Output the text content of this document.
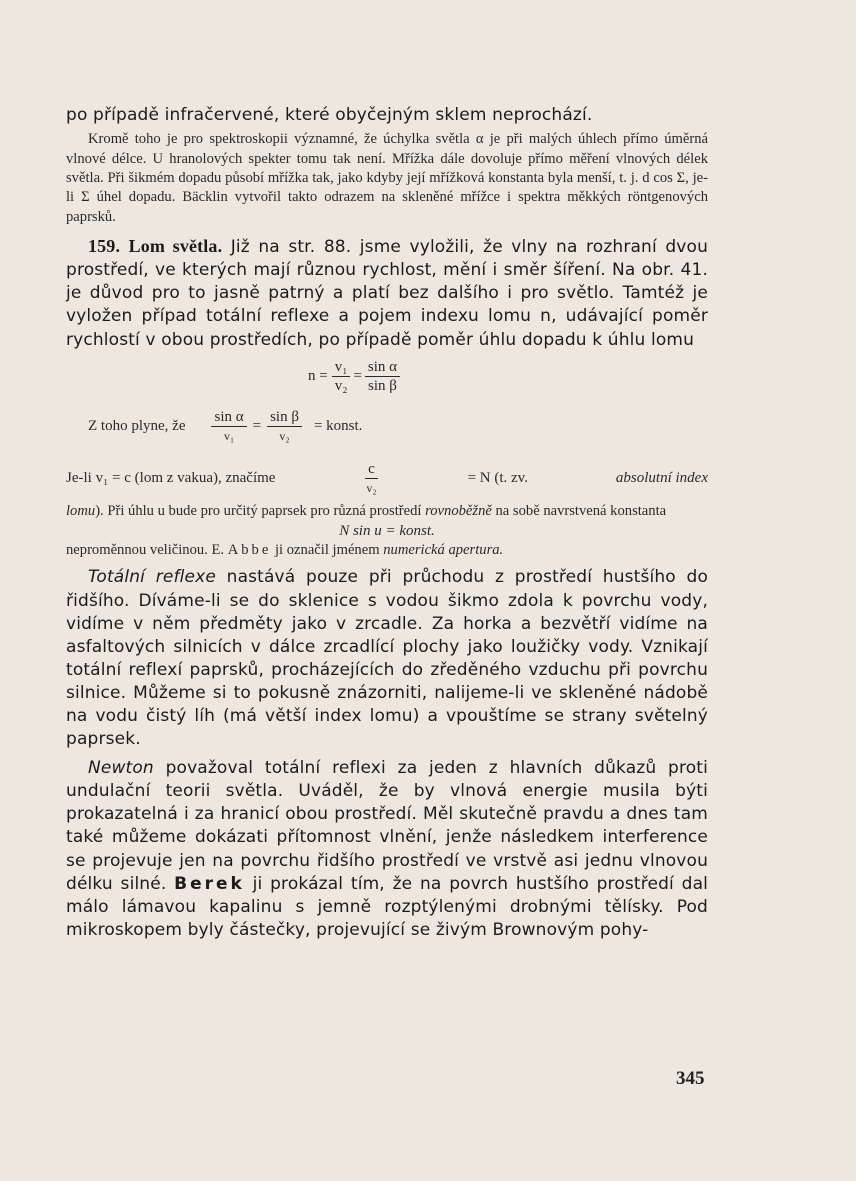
po případě infračervené, které obyčejným sklem neprochází.

Kromě toho je pro spektroskopii významné, že úchylka světla α je při malých úhlech přímo úměrná vlnové délce. U hranolových spekter tomu tak není. Mřížka dále dovoluje přímo měření vlnových délek světla. Při šikmém dopadu působí mřížka tak, jako kdyby její mřížková konstanta byla menší, t. j. d cos Σ, je-li Σ úhel dopadu. Bäcklin vytvořil takto odrazem na skleněné mřížce i spektra měkkých röntgenových paprsků.

159. Lom světla. Již na str. 88. jsme vyložili, že vlny na rozhraní dvou prostředí, ve kterých mají různou rychlost, mění i směr šíření. Na obr. 41. je důvod pro to jasně patrný a platí bez dalšího i pro světlo. Tamtéž je vyložen případ totální reflexe a pojem indexu lomu n, udávající poměr rychlostí v obou prostředích, po případě poměr úhlu dopadu k úhlu lomu

$n = \frac{\text{v₁}}{\text{v₂}} = \frac{\text{sin α}}{\text{sin β}}$
Z toho plyne, že $\frac{\text{sin α}}{\text{v₁}} = \frac{\text{sin β}}{\text{v₂}}$ = konst.
Je-li v₁ = c (lom z vakua), značíme	$\frac{c}{\text{v₂}}$	= N (t. zv.	absolutní index

lomu). Při úhlu u bude pro určitý paprsek pro různá prostředí rovnoběžně na sobě navrstvená konstanta

N sin u = konst.

neproměnnou veličinou. E. Abbe ji označil jménem numerická apertura.

Totální reflexe nastává pouze při průchodu z prostředí hustšího do řidšího. Díváme-li se do sklenice s vodou šikmo zdola k povrchu vody, vidíme v něm předměty jako v zrcadle. Za horka a bezvětří vidíme na asfaltových silnicích v dálce zrcadlící plochy jako loužičky vody. Vznikají totální reflexí paprsků, procházejících do zředěného vzduchu při povrchu silnice. Můžeme si to pokusně znázorniti, nalijeme-li ve skleněné nádobě na vodu čistý líh (má větší index lomu) a vpouštíme se strany světelný paprsek.

Newton považoval totální reflexi za jeden z hlavních důkazů proti undulační teorii světla. Uváděl, že by vlnová energie musila býti prokazatelná i za hranicí obou prostředí. Měl skutečně pravdu a dnes tam také můžeme dokázati přítomnost vlnění, jenže následkem interference se projevuje jen na povrchu řidšího prostředí ve vrstvě asi jednu vlnovou délku silné. Berek ji prokázal tím, že na povrch hustšího prostředí dal málo lámavou kapalinu s jemně rozptýlenými drobnými tělísky. Pod mikroskopem byly částečky, projevující se živým Brownovým pohy-

345
